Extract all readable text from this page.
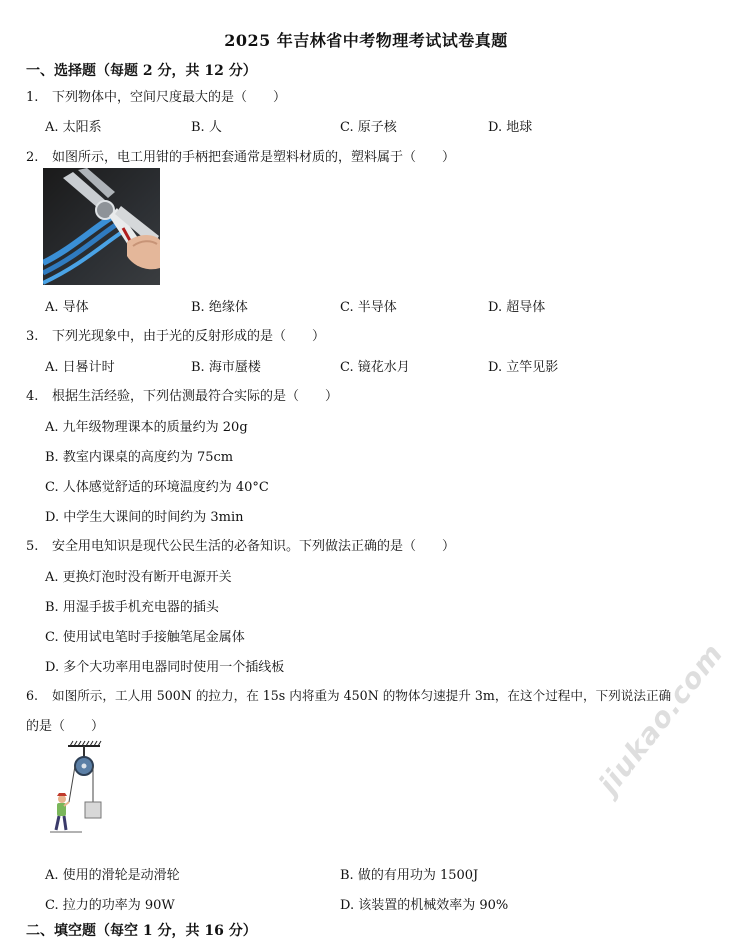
2025 年吉林省中考物理考试试卷真题
一、选择题（每题 2 分，共 12 分）
1. 下列物体中，空间尺度最大的是（　　）
A. 太阳系	B. 人	C. 原子核	D. 地球
2. 如图所示，电工用钳的手柄把套通常是塑料材质的，塑料属于（　　）
A. 导体	B. 绝缘体	C. 半导体	D. 超导体
3. 下列光现象中，由于光的反射形成的是（　　）
A. 日晷计时	B. 海市蜃楼	C. 镜花水月	D. 立竿见影
4. 根据生活经验，下列估测最符合实际的是（　　）
A. 九年级物理课本的质量约为 20g
B. 教室内课桌的高度约为 75cm
C. 人体感觉舒适的环境温度约为 40°C
D. 中学生大课间的时间约为 3min
5. 安全用电知识是现代公民生活的必备知识。下列做法正确的是（　　）
A. 更换灯泡时没有断开电源开关
B. 用湿手拔手机充电器的插头
C. 使用试电笔时手接触笔尾金属体
D. 多个大功率用电器同时使用一个插线板
6. 如图所示，工人用 500N 的拉力，在 15s 内将重为 450N 的物体匀速提升 3m，在这个过程中，下列说法正确
的是（　　）
A. 使用的滑轮是动滑轮	B. 做的有用功为 1500J
C. 拉力的功率为 90W	D. 该装置的机械效率为 90%
二、填空题（每空 1 分，共 16 分）
jiukao.com
